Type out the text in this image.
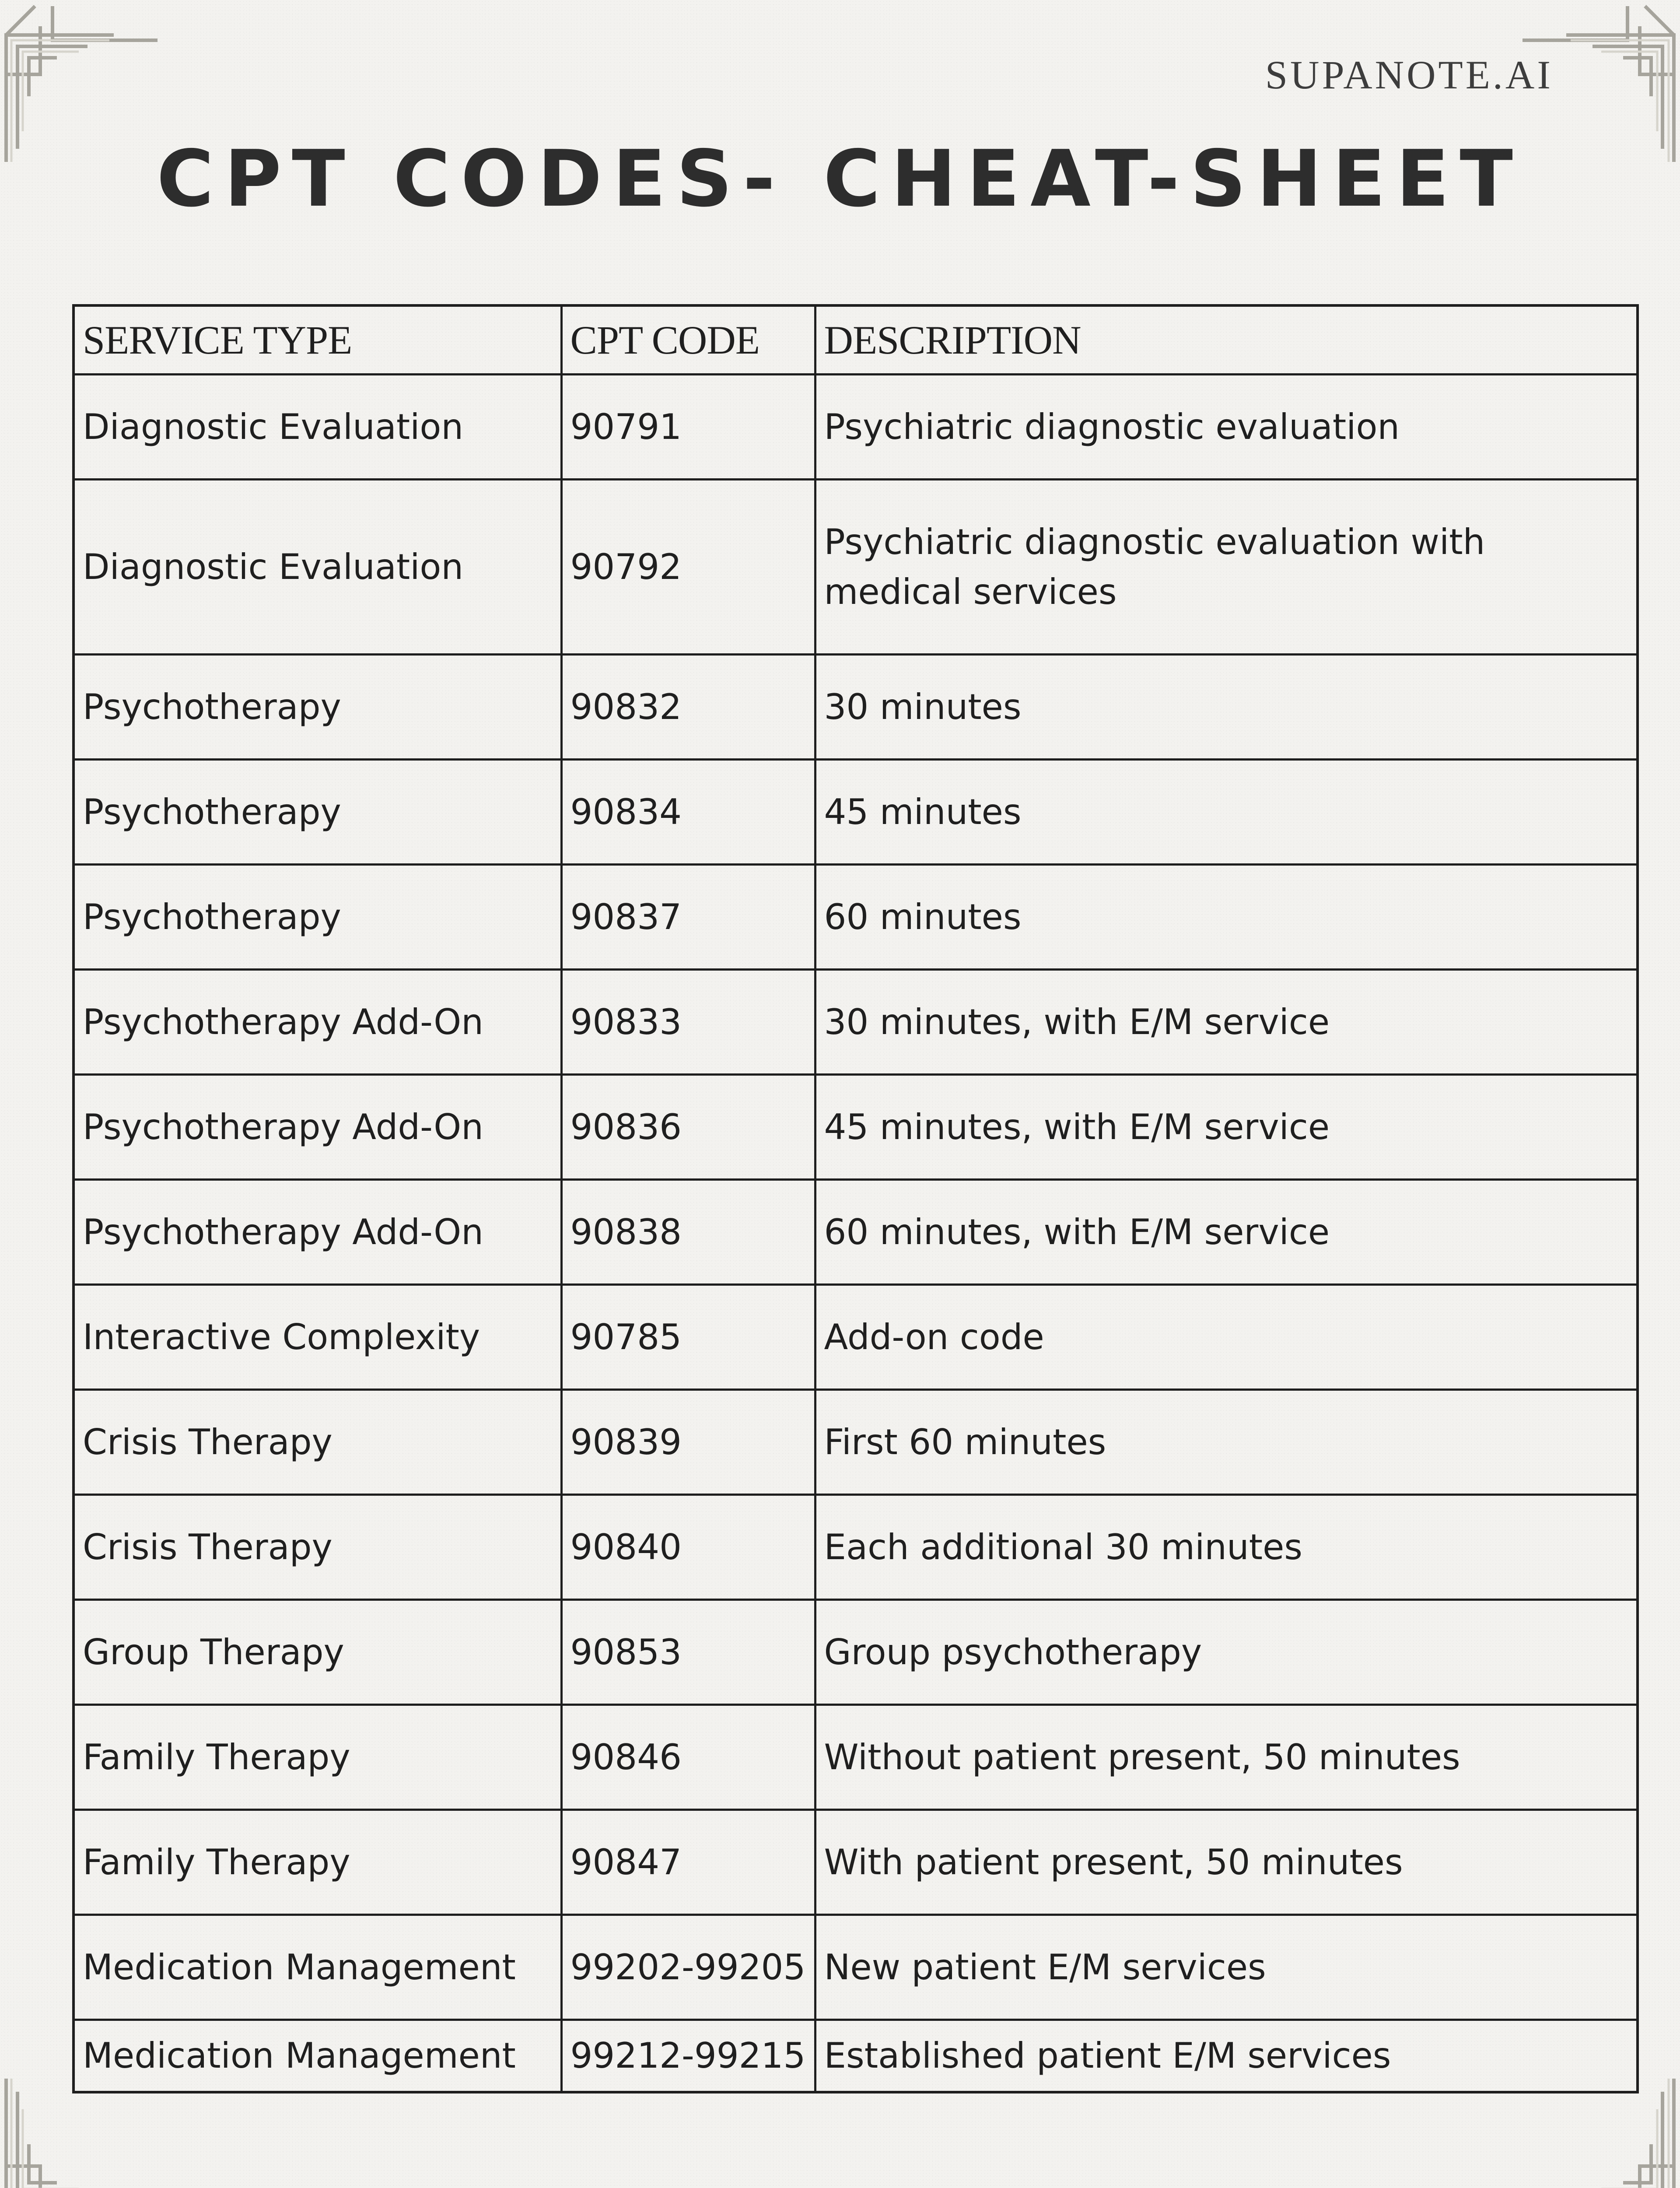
SUPANOTE.AI
CPT CODES- CHEAT-SHEET
SERVICE TYPE	CPT CODE	DESCRIPTION
Diagnostic Evaluation	90791	Psychiatric diagnostic evaluation
Diagnostic Evaluation	90792	Psychiatric diagnostic evaluation with medical services
Psychotherapy	90832	30 minutes
Psychotherapy	90834	45 minutes
Psychotherapy	90837	60 minutes
Psychotherapy Add-On	90833	30 minutes, with E/M service
Psychotherapy Add-On	90836	45 minutes, with E/M service
Psychotherapy Add-On	90838	60 minutes, with E/M service
Interactive Complexity	90785	Add-on code
Crisis Therapy	90839	First 60 minutes
Crisis Therapy	90840	Each additional 30 minutes
Group Therapy	90853	Group psychotherapy
Family Therapy	90846	Without patient present, 50 minutes
Family Therapy	90847	With patient present, 50 minutes
Medication Management	99202-99205	New patient E/M services
Medication Management	99212-99215	Established patient E/M services
